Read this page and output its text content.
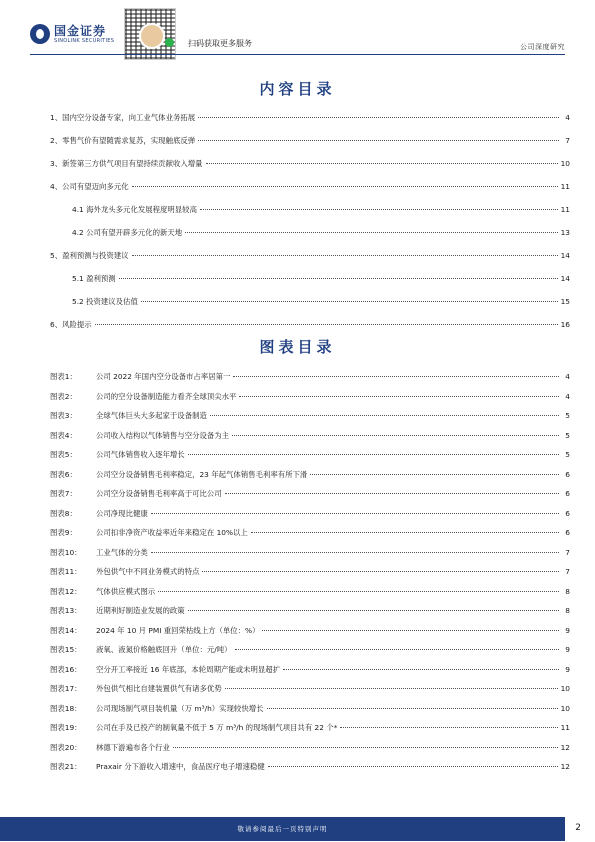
国金证券
SINOLINK SECURITIES	扫码获取更多服务	公司深度研究
内容目录
1、国内空分设备专家，向工业气体业务拓展	4
2、零售气价有望随需求复苏，实现触底反弹	7
3、新签第三方供气项目有望持续贡献收入增量	10
4、公司有望迈向多元化	11
4.1 海外龙头多元化发展程度明显较高	11
4.2 公司有望开辟多元化的新天地	13
5、盈利预测与投资建议	14
5.1 盈利预测	14
5.2 投资建议及估值	15
6、风险提示	16
图表目录
图表1：	公司 2022 年国内空分设备市占率居第一	4
图表2：	公司的空分设备制造能力看齐全球顶尖水平	4
图表3：	全球气体巨头大多起家于设备制造	5
图表4：	公司收入结构以气体销售与空分设备为主	5
图表5：	公司气体销售收入逐年增长	5
图表6：	公司空分设备销售毛利率稳定，23 年起气体销售毛利率有所下滑	6
图表7：	公司空分设备销售毛利率高于可比公司	6
图表8：	公司净现比健康	6
图表9：	公司扣非净资产收益率近年来稳定在 10%以上	6
图表10：	工业气体的分类	7
图表11：	外包供气中不同业务模式的特点	7
图表12：	气体供应模式图示	8
图表13：	近期利好制造业发展的政策	8
图表14：	2024 年 10 月 PMI 重回荣枯线上方（单位：%）	9
图表15：	液氧、液氮价格触底回升（单位：元/吨）	9
图表16：	空分开工率接近 16 年底部，本轮周期产能或未明显超扩	9
图表17：	外包供气相比自建装置供气有诸多优势	10
图表18：	公司现场制气项目装机量（万 m³/h）实现较快增长	10
图表19：	公司在手及已投产的制氧量不低于 5 万 m³/h 的现场制气项目共有 22 个*	11
图表20：	林德下游遍布各个行业	12
图表21：	Praxair 分下游收入增速中，食品医疗电子增速稳健	12
敬请参阅最后一页特别声明	2
